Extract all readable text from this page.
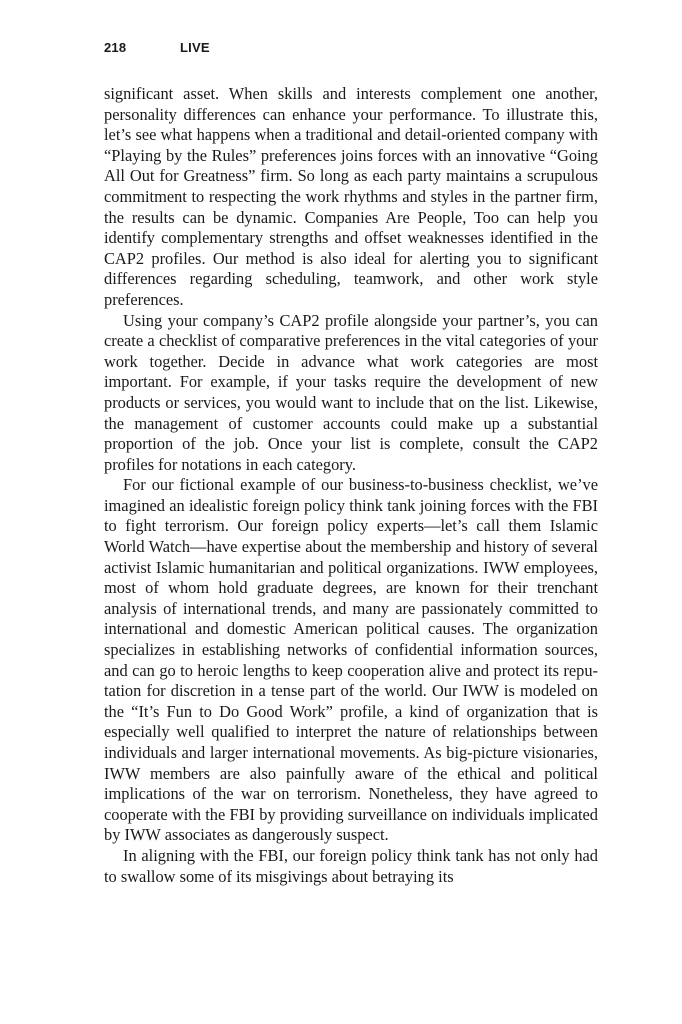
218	LIVE

significant asset. When skills and interests complement one another, personality differences can enhance your performance. To illustrate this, let’s see what happens when a traditional and detail-oriented company with “Playing by the Rules” preferences joins forces with an innovative “Going All Out for Greatness” firm. So long as each party maintains a scrupulous commitment to respecting the work rhythms and styles in the partner firm, the results can be dynamic. Companies Are People, Too can help you identify complementary strengths and offset weaknesses identified in the CAP2 profiles. Our method is also ideal for alerting you to significant differences regarding scheduling, teamwork, and other work style preferences.

Using your company’s CAP2 profile alongside your partner’s, you can create a checklist of comparative preferences in the vital categories of your work together. Decide in advance what work categories are most important. For example, if your tasks require the development of new products or services, you would want to include that on the list. Likewise, the management of customer accounts could make up a substantial proportion of the job. Once your list is complete, consult the CAP2 profiles for notations in each category.

For our fictional example of our business-to-business checklist, we’ve imagined an idealistic foreign policy think tank joining forces with the FBI to fight terrorism. Our foreign policy experts—let’s call them Islamic World Watch—have expertise about the membership and history of several activist Islamic humanitarian and political organizations. IWW employees, most of whom hold graduate degrees, are known for their trenchant analysis of international trends, and many are passionately committed to international and domestic American political causes. The organization specializes in establishing networks of confidential information sources, and can go to heroic lengths to keep cooperation alive and protect its reputation for discretion in a tense part of the world. Our IWW is modeled on the “It’s Fun to Do Good Work” profile, a kind of organization that is especially well qualified to interpret the nature of relationships between individuals and larger international movements. As big-picture visionaries, IWW members are also painfully aware of the ethical and political implications of the war on terrorism. Nonetheless, they have agreed to cooperate with the FBI by providing surveillance on individuals implicated by IWW associates as dangerously suspect.

In aligning with the FBI, our foreign policy think tank has not only had to swallow some of its misgivings about betraying its
